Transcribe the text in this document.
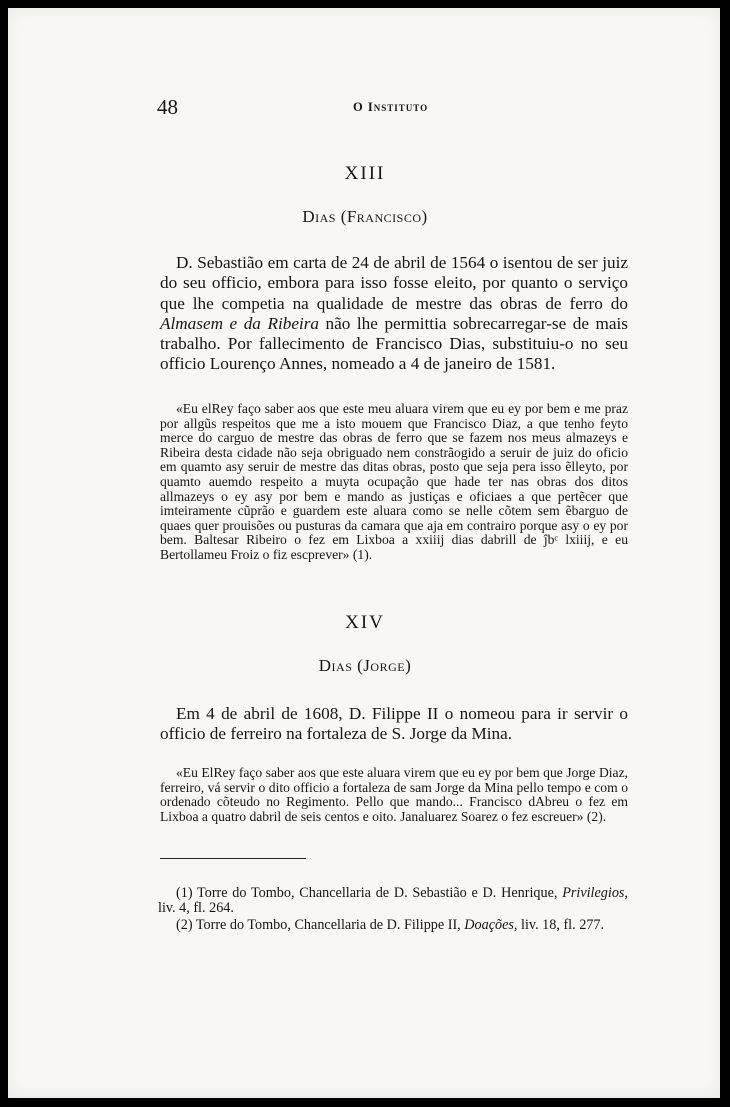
48	O Instituto
XIII
Dias (Francisco)

D. Sebastião em carta de 24 de abril de 1564 o isentou de ser juiz do seu officio, embora para isso fosse eleito, por quanto o serviço que lhe competia na qualidade de mestre das obras de ferro do Almasem e da Ribeira não lhe permittia sobrecarregar-se de mais trabalho. Por fallecimento de Francisco Dias, substituiu-o no seu officio Lourenço Annes, nomeado a 4 de janeiro de 1581.

«Eu elRey faço saber aos que este meu aluara virem que eu ey por bem e me praz por allgũs respeitos que me a isto mouem que Francisco Diaz, a que tenho feyto merce do carguo de mestre das obras de ferro que se fazem nos meus almazeys e Ribeira desta cidade não seja obriguado nem constrãogido a seruir de juiz do oficio em quamto asy seruir de mestre das ditas obras, posto que seja pera isso ẽlleyto, por quamto auemdo respeito a muyta ocupação que hade ter nas obras dos ditos allmazeys o ey asy por bem e mando as justiças e oficiaes a que pertẽcer que imteiramente cũprão e guardem este aluara como se nelle cõtem sem ẽbarguo de quaes quer prouisões ou pusturas da camara que aja em contrairo porque asy o ey por bem. Baltesar Ribeiro o fez em Lixboa a xxiiij dias dabrill de ĵbᶜ lxiiij, e eu Bertollameu Froiz o fiz escprever» (1).

XIV
Dias (Jorge)

Em 4 de abril de 1608, D. Filippe II o nomeou para ir servir o officio de ferreiro na fortaleza de S. Jorge da Mina.

«Eu ElRey faço saber aos que este aluara virem que eu ey por bem que Jorge Diaz, ferreiro, vá servir o dito officio a fortaleza de sam Jorge da Mina pello tempo e com o ordenado cõteudo no Regimento. Pello que mando... Francisco dAbreu o fez em Lixboa a quatro dabril de seis centos e oito. Janaluarez Soarez o fez escreuer» (2).

(1) Torre do Tombo, Chancellaria de D. Sebastião e D. Henrique, Privilegios, liv. 4, fl. 264.

(2) Torre do Tombo, Chancellaria de D. Filippe II, Doações, liv. 18, fl. 277.
